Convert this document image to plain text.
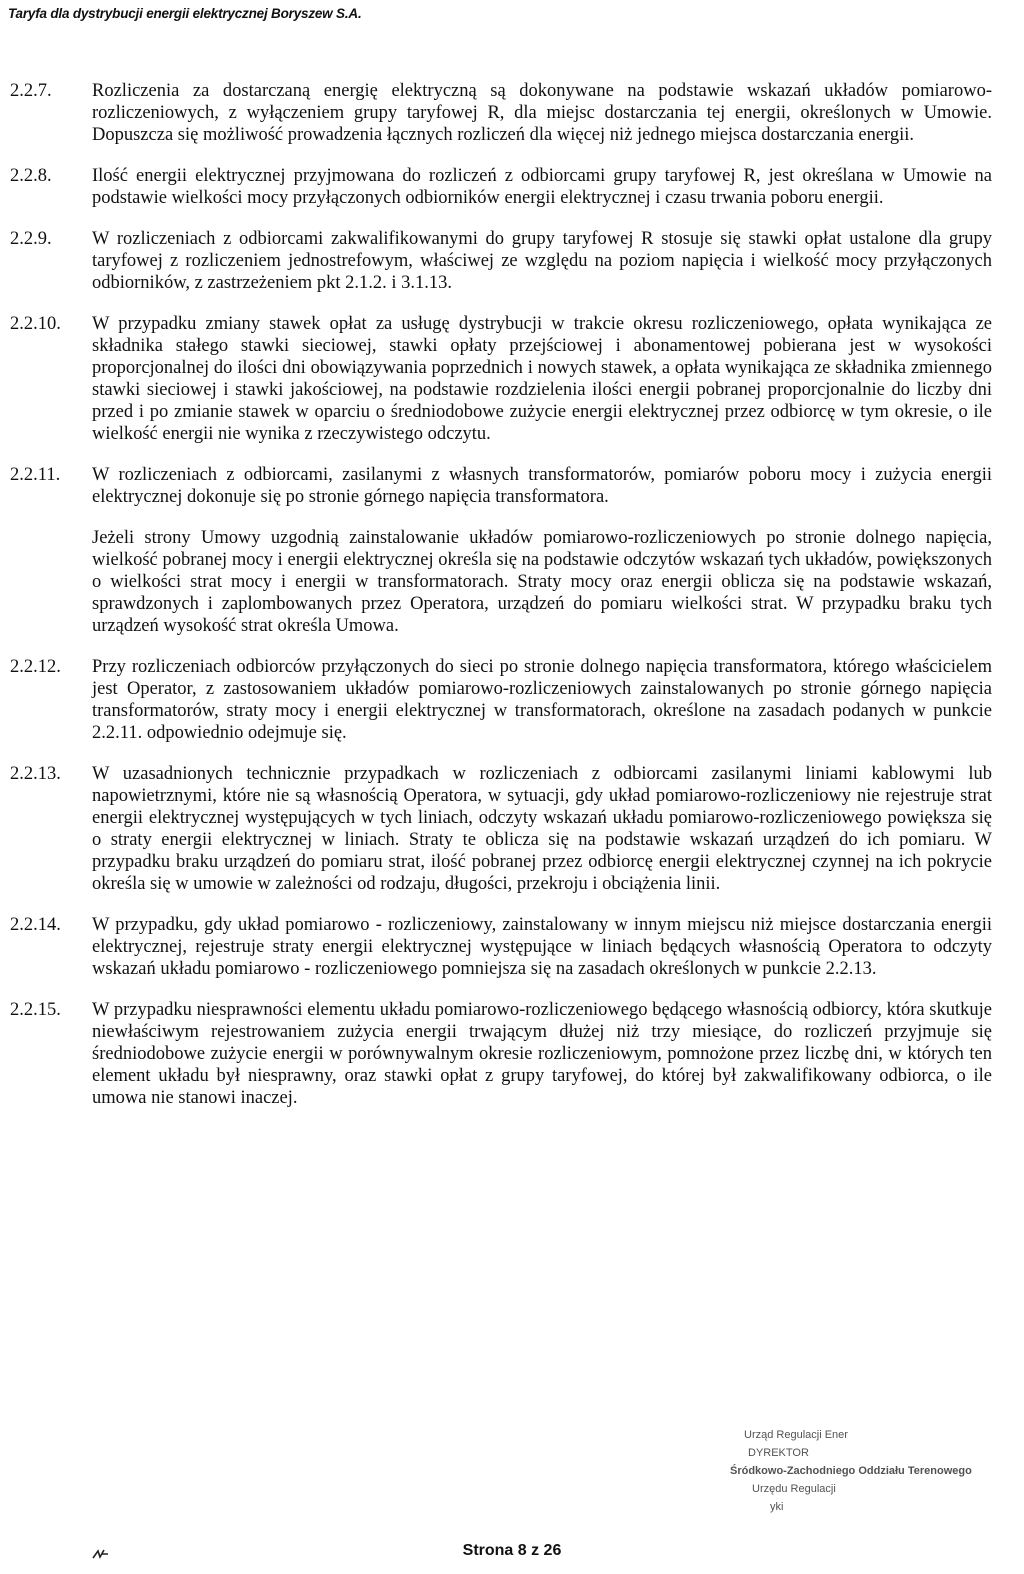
Taryfa dla dystrybucji energii elektrycznej Boryszew S.A.
2.2.7.	Rozliczenia za dostarczaną energię elektryczną są dokonywane na podstawie wskazań układów pomiarowo-rozliczeniowych, z wyłączeniem grupy taryfowej R, dla miejsc dostarczania tej energii, określonych w Umowie. Dopuszcza się możliwość prowadzenia łącznych rozliczeń dla więcej niż jednego miejsca dostarczania energii.

2.2.8.	Ilość energii elektrycznej przyjmowana do rozliczeń z odbiorcami grupy taryfowej R, jest określana w Umowie na podstawie wielkości mocy przyłączonych odbiorników energii elektrycznej i czasu trwania poboru energii.

2.2.9.	W rozliczeniach z odbiorcami zakwalifikowanymi do grupy taryfowej R stosuje się stawki opłat ustalone dla grupy taryfowej z rozliczeniem jednostrefowym, właściwej ze względu na poziom napięcia i wielkość mocy przyłączonych odbiorników, z zastrzeżeniem pkt 2.1.2. i 3.1.13.

2.2.10.	W przypadku zmiany stawek opłat za usługę dystrybucji w trakcie okresu rozliczeniowego, opłata wynikająca ze składnika stałego stawki sieciowej, stawki opłaty przejściowej i abonamentowej pobierana jest w wysokości proporcjonalnej do ilości dni obowiązywania poprzednich i nowych stawek, a opłata wynikająca ze składnika zmiennego stawki sieciowej i stawki jakościowej, na podstawie rozdzielenia ilości energii pobranej proporcjonalnie do liczby dni przed i po zmianie stawek w oparciu o średniodobowe zużycie energii elektrycznej przez odbiorcę w tym okresie, o ile wielkość energii nie wynika z rzeczywistego odczytu.

2.2.11.	W rozliczeniach z odbiorcami, zasilanymi z własnych transformatorów, pomiarów poboru mocy i zużycia energii elektrycznej dokonuje się po stronie górnego napięcia transformatora.

Jeżeli strony Umowy uzgodnią zainstalowanie układów pomiarowo-rozliczeniowych po stronie dolnego napięcia, wielkość pobranej mocy i energii elektrycznej określa się na podstawie odczytów wskazań tych układów, powiększonych o wielkości strat mocy i energii w transformatorach. Straty mocy oraz energii oblicza się na podstawie wskazań, sprawdzonych i zaplombowanych przez Operatora, urządzeń do pomiaru wielkości strat. W przypadku braku tych urządzeń wysokość strat określa Umowa.

2.2.12.	Przy rozliczeniach odbiorców przyłączonych do sieci po stronie dolnego napięcia transformatora, którego właścicielem jest Operator, z zastosowaniem układów pomiarowo-rozliczeniowych zainstalowanych po stronie górnego napięcia transformatorów, straty mocy i energii elektrycznej w transformatorach, określone na zasadach podanych w punkcie 2.2.11. odpowiednio odejmuje się.

2.2.13.	W uzasadnionych technicznie przypadkach w rozliczeniach z odbiorcami zasilanymi liniami kablowymi lub napowietrznymi, które nie są własnością Operatora, w sytuacji, gdy układ pomiarowo-rozliczeniowy nie rejestruje strat energii elektrycznej występujących w tych liniach, odczyty wskazań układu pomiarowo-rozliczeniowego powiększa się o straty energii elektrycznej w liniach. Straty te oblicza się na podstawie wskazań urządzeń do ich pomiaru. W przypadku braku urządzeń do pomiaru strat, ilość pobranej przez odbiorcę energii elektrycznej czynnej na ich pokrycie określa się w umowie w zależności od rodzaju, długości, przekroju i obciążenia linii.

2.2.14.	W przypadku, gdy układ pomiarowo - rozliczeniowy, zainstalowany w innym miejscu niż miejsce dostarczania energii elektrycznej, rejestruje straty energii elektrycznej występujące w liniach będących własnością Operatora to odczyty wskazań układu pomiarowo - rozliczeniowego pomniejsza się na zasadach określonych w punkcie 2.2.13.

2.2.15.	W przypadku niesprawności elementu układu pomiarowo-rozliczeniowego będącego własnością odbiorcy, która skutkuje niewłaściwym rejestrowaniem zużycia energii trwającym dłużej niż trzy miesiące, do rozliczeń przyjmuje się średniodobowe zużycie energii w porównywalnym okresie rozliczeniowym, pomnożone przez liczbę dni, w których ten element układu był niesprawny, oraz stawki opłat z grupy taryfowej, do której był zakwalifikowany odbiorca, o ile umowa nie stanowi inaczej.

Urząd Regulacji Ener
DYREKTOR
Śródkowo-Zachodniego Oddziału Terenowego
Urzędu Regulacji
yki
Strona 8 z 26
